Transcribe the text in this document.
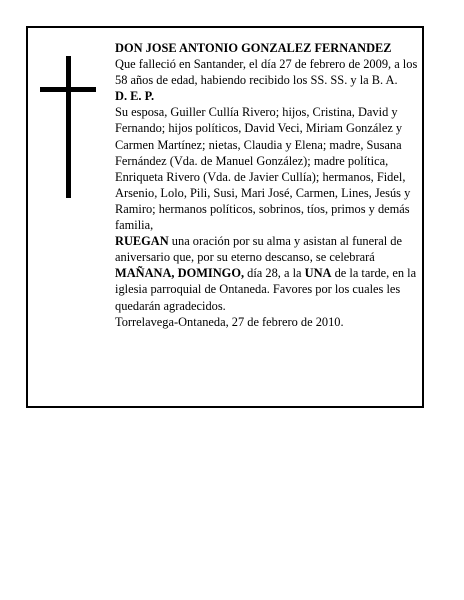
DON JOSE ANTONIO GONZALEZ FERNANDEZ

Que falleció en Santander, el día 27 de febrero de 2009, a los 58 años de edad, habiendo recibido los SS. SS. y la B. A.

D. E. P.

Su esposa, Guiller Cullía Rivero; hijos, Cristina, David y Fernando; hijos políticos, David Veci, Miriam González y Carmen Martínez; nietas, Claudia y Elena; madre, Susana Fernández (Vda. de Manuel González); madre política, Enriqueta Rivero (Vda. de Javier Cullía); hermanos, Fidel, Arsenio, Lolo, Pili, Susi, Mari José, Carmen, Lines, Jesús y Ramiro; hermanos políticos, sobrinos, tíos, primos y demás familia,

RUEGAN una oración por su alma y asistan al funeral de aniversario que, por su eterno descanso, se celebrará MAÑANA, DOMINGO, día 28, a la UNA de la tarde, en la iglesia parroquial de Ontaneda. Favores por los cuales les quedarán agradecidos.

Torrelavega-Ontaneda, 27 de febrero de 2010.
